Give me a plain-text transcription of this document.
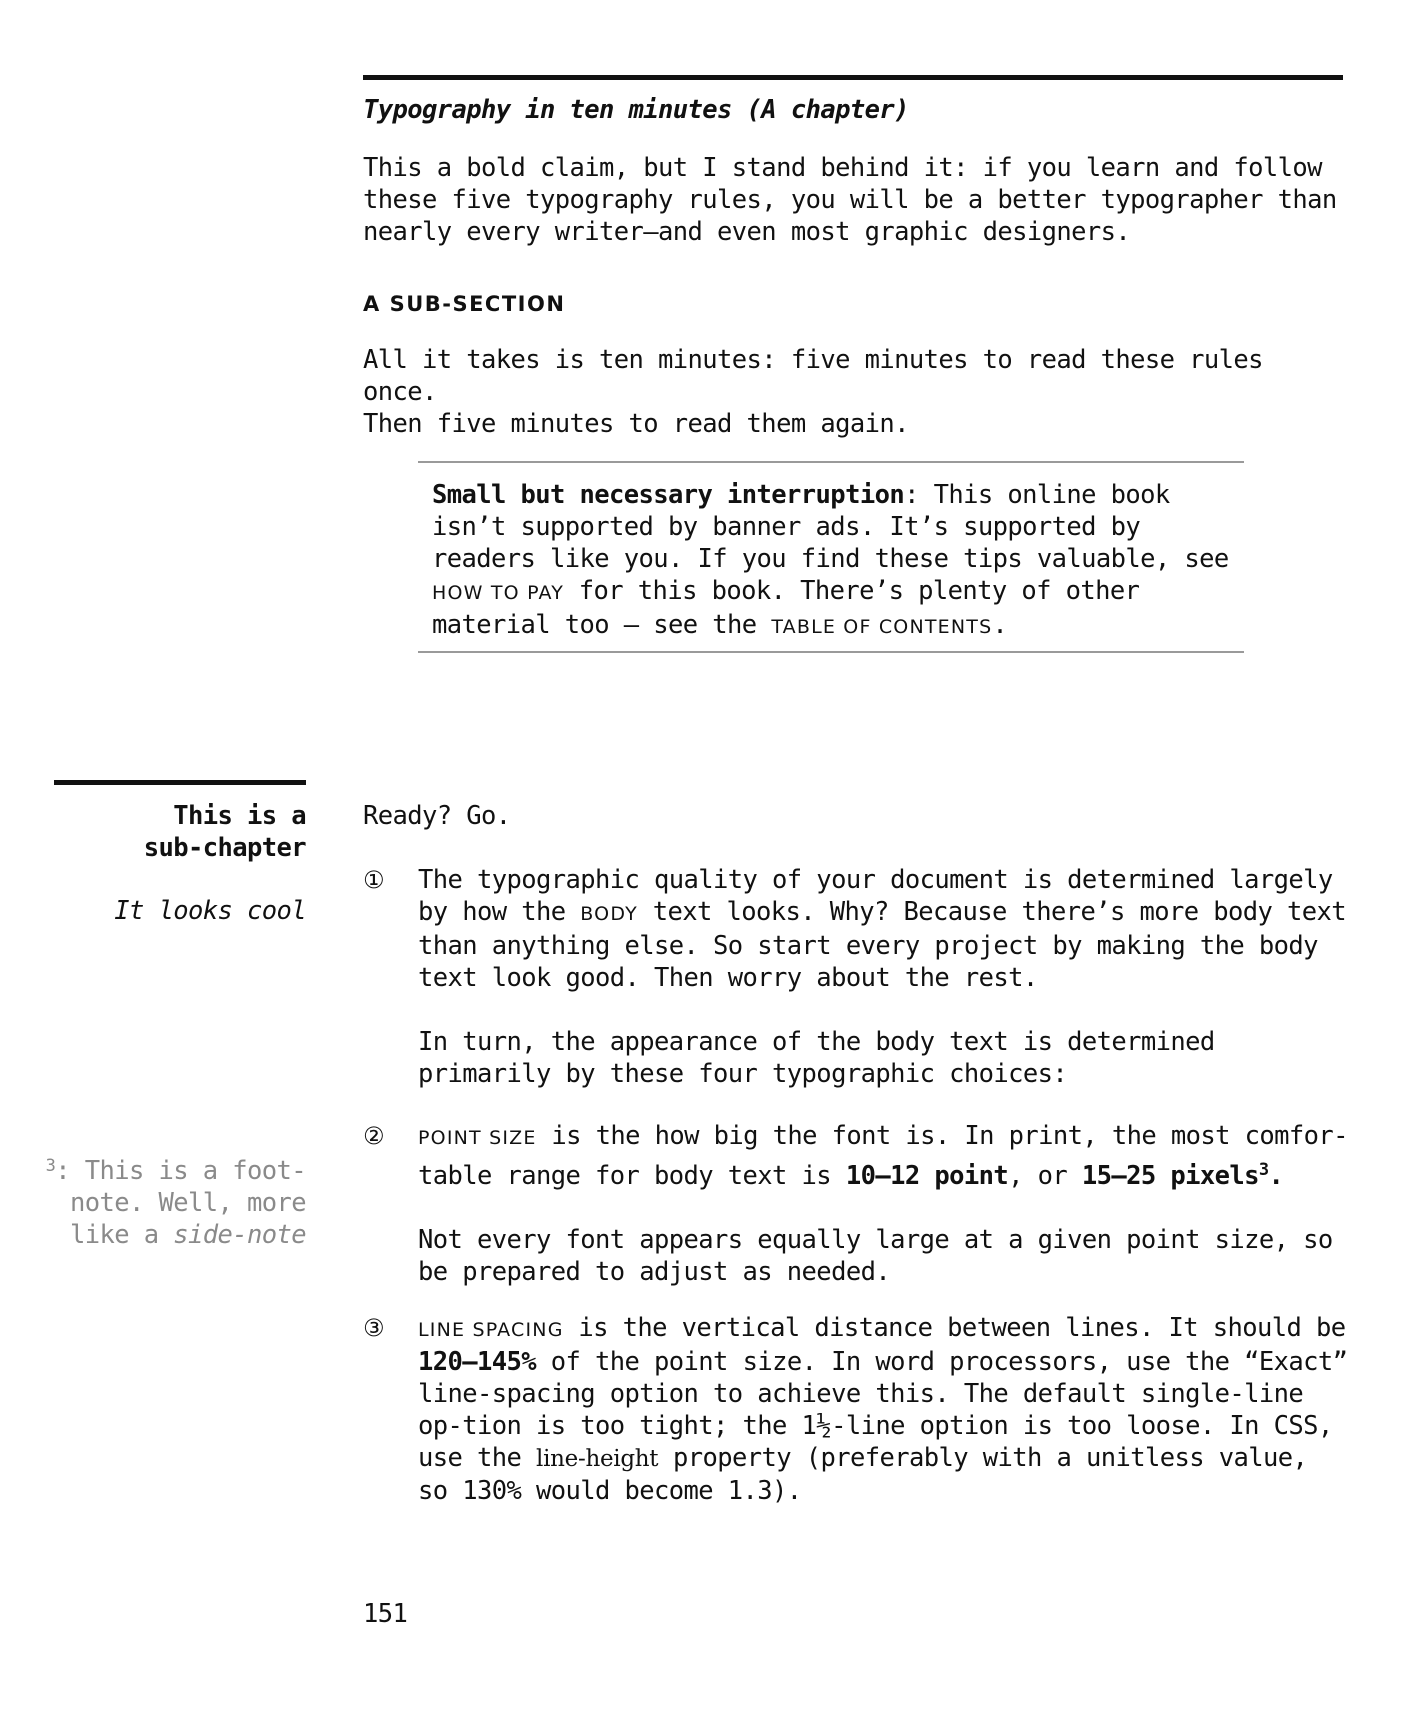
Typography in ten minutes (A chapter)
This a bold claim, but I stand behind it: if you learn and follow
these five typography rules, you will be a better typographer than
nearly every writer—and even most graphic designers.
A SUB-SECTION
All it takes is ten minutes: five minutes to read these rules once.
Then five minutes to read them again.
Small but necessary interruption: This online book isn’t supported by banner ads. It’s supported by readers like you. If you find these tips valuable, see HOW TO PAY for this book. There’s plenty of other material too — see the TABLE OF CONTENTS.
This is a
sub-chapter
It looks cool
$^3$: This is a foot-note. Well, more like a side-note
Ready? Go.
①	The typographic quality of your document is determined largely by how the BODY text looks. Why? Because there’s more body text than anything else. So start every project by making the body text look good. Then worry about the rest.

In turn, the appearance of the body text is determined primarily by these four typographic choices:

②	POINT SIZE is the how big the font is. In print, the most comfor-table range for body text is 10–12 point, or 15–25 pixels$^3$.

Not every font appears equally large at a given point size, so be prepared to adjust as needed.

③	LINE SPACING is the vertical distance between lines. It should be 120–145% of the point size. In word processors, use the “Exact” line-spacing option to achieve this. The default single-line op-tion is too tight; the 1½-line option is too loose. In CSS, use the line-height property (preferably with a unitless value, so 130% would become 1.3).

151
